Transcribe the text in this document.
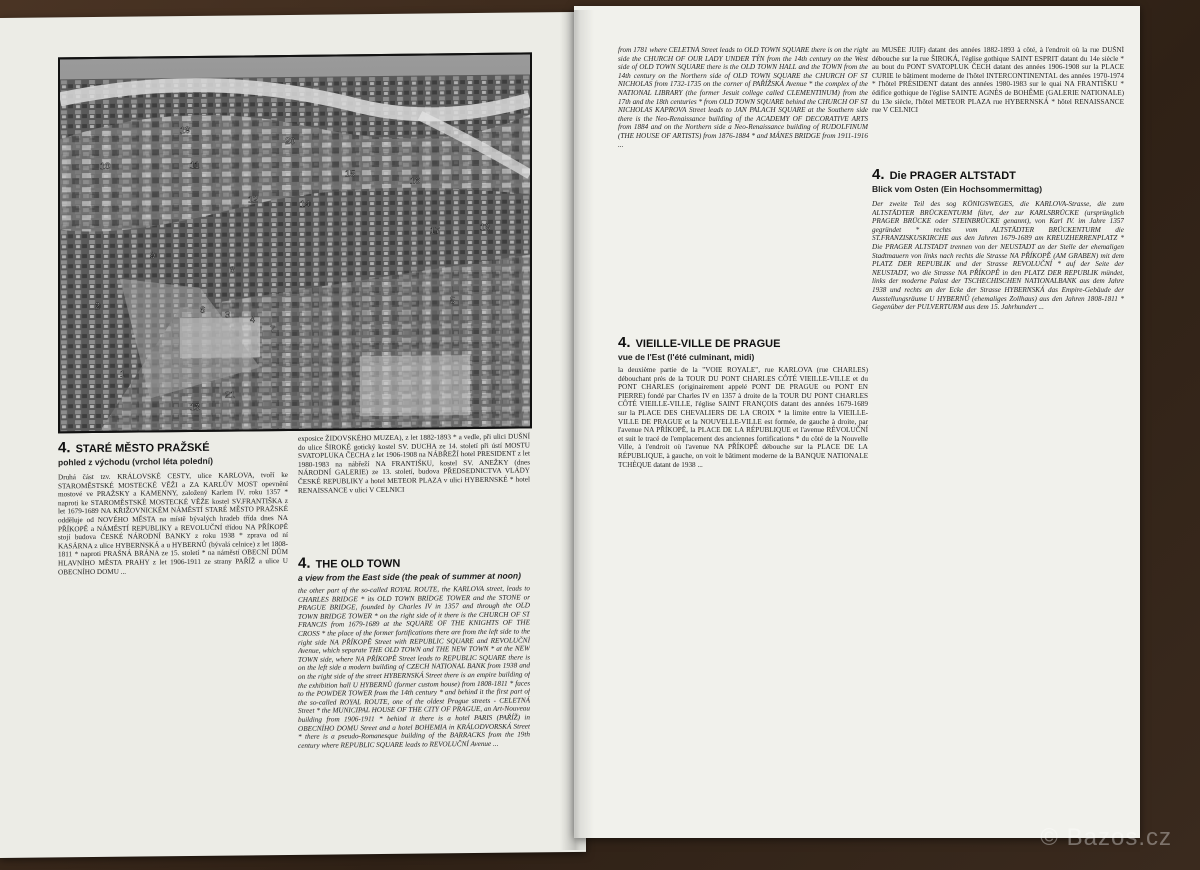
19
20
10	11
15
16
12	14
9
8
17	18
6 3 4
7
2
5
1
13
21
4. STARÉ MĚSTO PRAŽSKÉ
pohled z východu (vrchol léta polední)
Druhá část tzv. KRÁLOVSKÉ CESTY, ulice KARLOVA, tvoří ke STAROMĚSTSKÉ MOSTECKÉ VĚŽI a ZA KARLŮV MOST opevnění mostové ve PRAŽSKY a KAMENNY, založený Karlem IV. roku 1357 * naproti ke STAROMĚSTSKÉ MOSTECKÉ VĚŽE kostel SV.FRANTIŠKA z let 1679-1689 NA KŘIŽOVNICKÉM NÁMĚSTÍ STARÉ MĚSTO PRAŽSKÉ odděluje od NOVÉHO MĚSTA na místě bývalých hradeb třída dnes NA PŘÍKOPĚ a NÁMĚSTÍ REPUBLIKY a REVOLUČNÍ třídou NA PŘÍKOPĚ stojí budova ČESKÉ NÁRODNÍ BANKY z roku 1938 * zprava od ní KASÁRNA z ulice HYBERNSKÁ a u HYBERNŮ (bývalá celnice) z let 1808-1811 * naproti PRAŠNÁ BRÁNA ze 15. století * na náměstí OBECNÍ DŮM HLAVNÍHO MĚSTA PRAHY z let 1906-1911 ze strany PAŘÍŽ a ulice U OBECNÍHO DOMU ...
exposice ŽIDOVSKÉHO MUZEA), z let 1882-1893 * a vedle, při ulici DUŠNÍ do ulice ŠIROKÉ gotický kostel SV. DUCHA ze 14. století při ústí MOSTU SVATOPLUKA ČECHA z let 1906-1908 na NÁBŘEŽÍ hotel PRESIDENT z let 1980-1983 na nábřeží NA FRANTIŠKU, kostel SV. ANEŽKY (dnes NÁRODNÍ GALERIE) ze 13. století, budova PŘEDSEDNICTVA VLÁDY ČESKÉ REPUBLIKY a hotel METEOR PLAZA v ulici HYBERNSKÉ * hotel RENAISSANCE v ulici V CELNICI
4. THE OLD TOWN
a view from the East side (the peak of summer at noon)
the other part of the so-called ROYAL ROUTE, the KARLOVA street, leads to CHARLES BRIDGE * its OLD TOWN BRIDGE TOWER and the STONE or PRAGUE BRIDGE, founded by Charles IV in 1357 and through the OLD TOWN BRIDGE TOWER * on the right side of it there is the CHURCH OF ST FRANCIS from 1679-1689 at the SQUARE OF THE KNIGHTS OF THE CROSS * the place of the former fortifications there are from the left side to the right side NA PŘÍKOPĚ Street with REPUBLIC SQUARE and REVOLUČNÍ Avenue, which separate THE OLD TOWN and THE NEW TOWN * at the NEW TOWN side, where NA PŘÍKOPĚ Street leads to REPUBLIC SQUARE there is on the left side a modern building of CZECH NATIONAL BANK from 1938 and on the right side of the street HYBERNSKÁ Street there is an empire building of the exhibition hall U HYBERNŮ (former custom house) from 1808-1811 * faces to the POWDER TOWER from the 14th century * and behind it the first part of the so-called ROYAL ROUTE, one of the oldest Prague streets - CELETNÁ Street * the MUNICIPAL HOUSE OF THE CITY OF PRAGUE, an Art-Nouveau building from 1906-1911 * behind it there is a hotel PARIS (PAŘÍŽ) in OBECNÍHO DOMU Street and a hotel BOHEMIA in KRÁLODVORSKÁ Street * there is a pseudo-Romanesque building of the BARRACKS from the 19th century where REPUBLIC SQUARE leads to REVOLUČNÍ Avenue ...
from 1781 where CELETNÁ Street leads to OLD TOWN SQUARE there is on the right side the CHURCH OF OUR LADY UNDER TÝN from the 14th century on the West side of OLD TOWN SQUARE there is the OLD TOWN HALL and the TOWN from the 14th century on the Northern side of OLD TOWN SQUARE the CHURCH OF ST NICHOLAS from 1732-1735 on the corner of PAŘÍŽSKÁ Avenue * the complex of the NATIONAL LIBRARY (the former Jesuit college called CLEMENTINUM) from the 17th and the 18th centuries * from OLD TOWN SQUARE behind the CHURCH OF ST NICHOLAS KAPROVA Street leads to JAN PALACH SQUARE at the Southern side there is the Neo-Renaissance building of the ACADEMY OF DECORATIVE ARTS from 1884 and on the Northern side a Neo-Renaissance building of RUDOLFINUM (THE HOUSE OF ARTISTS) from 1876-1884 * and MÁNES BRIDGE from 1911-1916 ...
4. VIEILLE-VILLE DE PRAGUE
vue de l'Est (l'été culminant, midi)
la deuxième partie de la "VOIE ROYALE", rue KARLOVA (rue CHARLES) débouchant près de la TOUR DU PONT CHARLES CÔTÉ VIEILLE-VILLE et du PONT CHARLES (originairement appelé PONT DE PRAGUE ou PONT EN PIERRE) fondé par Charles IV en 1357 à droite de la TOUR DU PONT CHARLES CÔTÉ VIEILLE-VILLE, l'église SAINT FRANÇOIS datant des années 1679-1689 sur la PLACE DES CHEVALIERS DE LA CROIX * la limite entre la VIEILLE-VILLE DE PRAGUE et la NOUVELLE-VILLE est formée, de gauche à droite, par l'avenue NA PŘÍKOPĚ, la PLACE DE LA RÉPUBLIQUE et l'avenue RÉVOLUČNÍ et suit le tracé de l'emplacement des anciennes fortifications * du côté de la Nouvelle Ville, à l'endroit où l'avenue NA PŘÍKOPĚ débouche sur la PLACE DE LA RÉPUBLIQUE, à gauche, on voit le bâtiment moderne de la BANQUE NATIONALE TCHÈQUE datant de 1938 ...
au MUSÉE JUIF) datant des années 1882-1893 à côté, à l'endroit où la rue DUŠNÍ débouche sur la rue ŠIROKÁ, l'église gothique SAINT ESPRIT datant du 14e siècle * au bout du PONT SVATOPLUK ČECH datant des années 1906-1908 sur la PLACE CURIE le bâtiment moderne de l'hôtel INTERCONTINENTAL des années 1970-1974 * l'hôtel PRÉSIDENT datant des années 1980-1983 sur le quai NA FRANTIŠKU * édifice gothique de l'église SAINTE AGNÈS de BOHÊME (GALERIE NATIONALE) du 13e siècle, l'hôtel METEOR PLAZA rue HYBERNSKÁ * hôtel RENAISSANCE rue V CELNICI
4. Die PRAGER ALTSTADT
Blick vom Osten (Ein Hochsommermittag)
Der zweite Teil des sog KÖNIGSWEGES, die KARLOVA-Strasse, die zum ALTSTÄDTER BRÜCKENTURM führt, der zur KARLSBRÜCKE (ursprünglich PRAGER BRÜCKE oder STEINBRÜCKE genannt), von Karl IV. im Jahre 1357 gegründet * rechts vom ALTSTÄDTER BRÜCKENTURM die ST.FRANZISKUSKIRCHE aus den Jahren 1679-1689 am KREUZHERRENPLATZ * Die PRAGER ALTSTADT trennen von der NEUSTADT an der Stelle der ehemaligen Stadtmauern von links nach rechts die Strasse NA PŘÍKOPĚ (AM GRABEN) mit dem PLATZ DER REPUBLIK und der Strasse REVOLUČNÍ * auf der Seite der NEUSTADT, wo die Strasse NA PŘÍKOPĚ in den PLATZ DER REPUBLIK mündet, links der moderne Palast der TSCHECHISCHEN NATIONALBANK aus dem Jahre 1938 und rechts an der Ecke der Strasse HYBERNSKÁ das Empire-Gebäude der Ausstellungsräume U HYBERNŮ (ehemaliges Zollhaus) aus den Jahren 1808-1811 * Gegenüber der PULVERTURM aus dem 15. Jahrhundert ...
© Bazos.cz
